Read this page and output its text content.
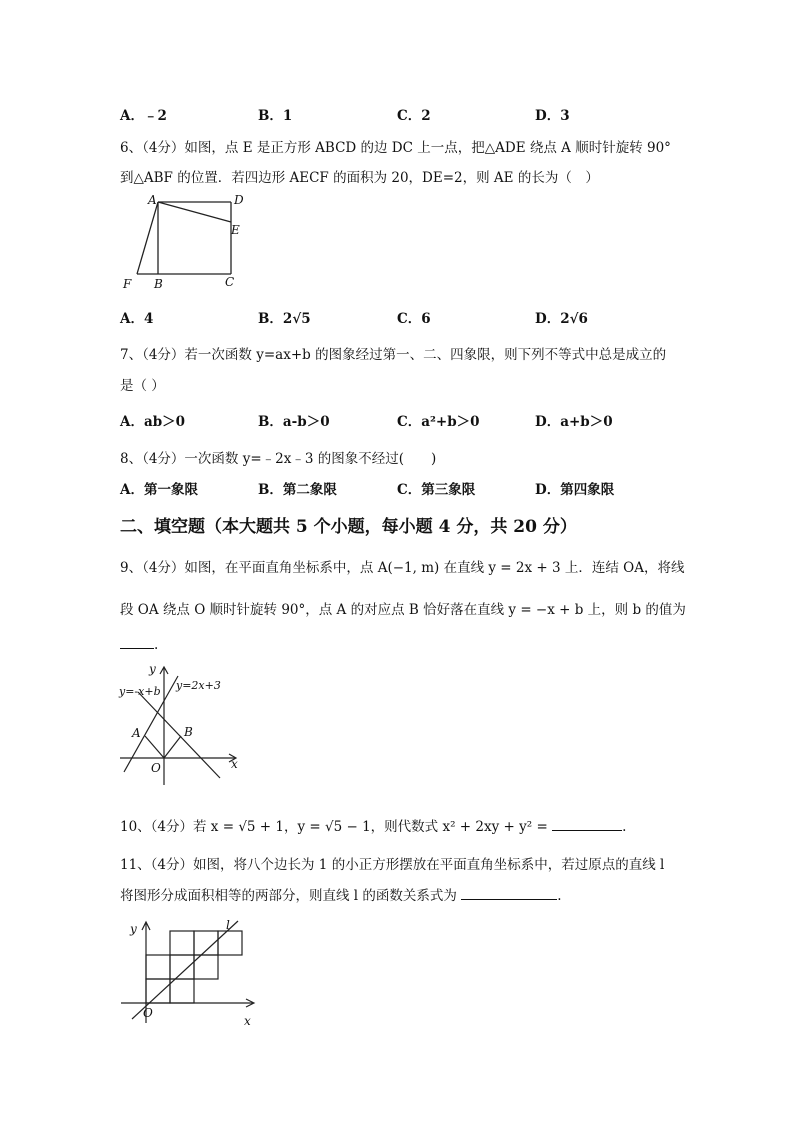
A．﹣2	B．1	C．2	D．3
6、（4分）如图，点 E 是正方形 ABCD 的边 DC 上一点，把△ADE 绕点 A 顺时针旋转 90°
到△ABF 的位置．若四边形 AECF 的面积为 20，DE=2，则 AE 的长为（　）
A	D
E
C
B
F
A．4	B．2√5	C．6	D．2√6
7、（4分）若一次函数 y=ax+b 的图象经过第一、二、四象限，则下列不等式中总是成立的
是（ ）
A．ab＞0	B．a-b＞0	C．a²+b＞0	D．a+b＞0
8、（4分）一次函数 y=﹣2x﹣3 的图象不经过(　　)
A．第一象限	B．第二象限	C．第三象限	D．第四象限
二、填空题（本大题共 5 个小题，每小题 4 分，共 20 分）
9、（4分）如图，在平面直角坐标系中，点 A(−1, m) 在直线 y = 2x + 3 上．连结 OA，将线
段 OA 绕点 O 顺时针旋转 90°，点 A 的对应点 B 恰好落在直线 y = −x + b 上，则 b 的值为
.
y
x
O
A	B
y=-x+b y=2x+3
10、（4分）若 x = √5 + 1，y = √5 − 1，则代数式 x² + 2xy + y² =	.
11、（4分）如图，将八个边长为 1 的小正方形摆放在平面直角坐标系中，若过原点的直线 l
将图形分成面积相等的两部分，则直线 l 的函数关系式为	.
y
x
O
l
